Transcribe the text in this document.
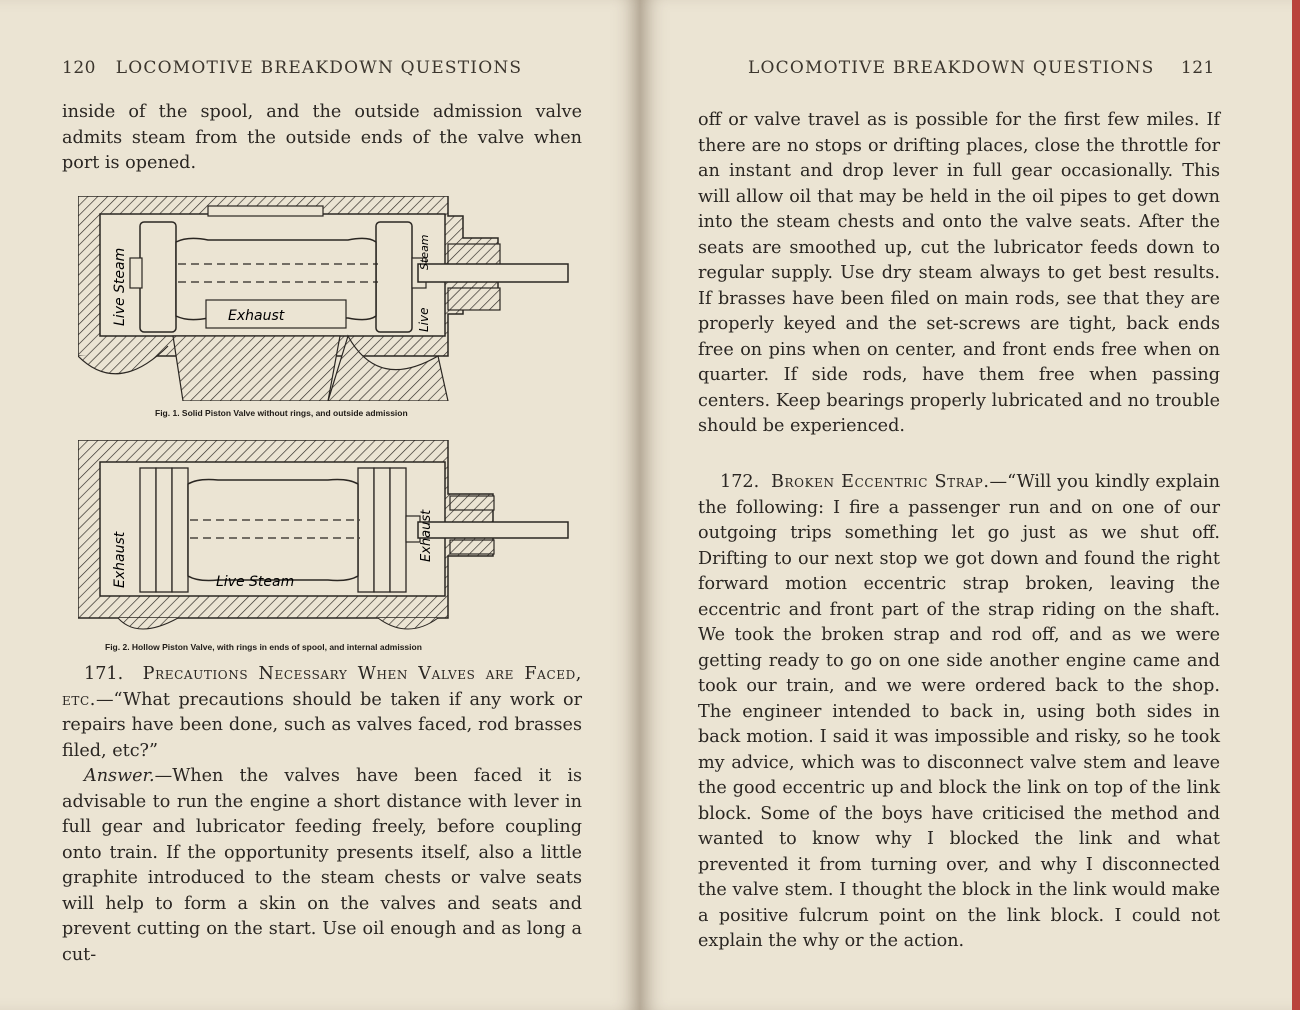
120 LOCOMOTIVE BREAKDOWN QUESTIONS

inside of the spool, and the outside admission valve admits steam from the outside ends of the valve when port is opened.

Live Steam	Exhaust
Steam
Live
Fig. 1. Solid Piston Valve without rings, and outside admission
Exhaust	Live Steam
Exhaust
Fig. 2. Hollow Piston Valve, with rings in ends of spool, and internal admission

171. Precautions Necessary When Valves are Faced, etc.—“What precautions should be taken if any work or repairs have been done, such as valves faced, rod brasses filed, etc?”

Answer.—When the valves have been faced it is advisable to run the engine a short distance with lever in full gear and lubricator feeding freely, before coupling onto train. If the opportunity presents itself, also a little graphite introduced to the steam chests or valve seats will help to form a skin on the valves and seats and prevent cutting on the start. Use oil enough and as long a cut-

LOCOMOTIVE BREAKDOWN QUESTIONS 121

off or valve travel as is possible for the first few miles. If there are no stops or drifting places, close the throttle for an instant and drop lever in full gear occasionally. This will allow oil that may be held in the oil pipes to get down into the steam chests and onto the valve seats. After the seats are smoothed up, cut the lubricator feeds down to regular supply. Use dry steam always to get best results. If brasses have been filed on main rods, see that they are properly keyed and the set-screws are tight, back ends free on pins when on center, and front ends free when on quarter. If side rods, have them free when passing centers. Keep bearings properly lubricated and no trouble should be experienced.

172. Broken Eccentric Strap.—“Will you kindly explain the following: I fire a passenger run and on one of our outgoing trips something let go just as we shut off. Drifting to our next stop we got down and found the right forward motion eccentric strap broken, leaving the eccentric and front part of the strap riding on the shaft. We took the broken strap and rod off, and as we were getting ready to go on one side another engine came and took our train, and we were ordered back to the shop. The engineer intended to back in, using both sides in back motion. I said it was impossible and risky, so he took my advice, which was to disconnect valve stem and leave the good eccentric up and block the link on top of the link block. Some of the boys have criticised the method and wanted to know why I blocked the link and what prevented it from turning over, and why I disconnected the valve stem. I thought the block in the link would make a positive fulcrum point on the link block. I could not explain the why or the action.
